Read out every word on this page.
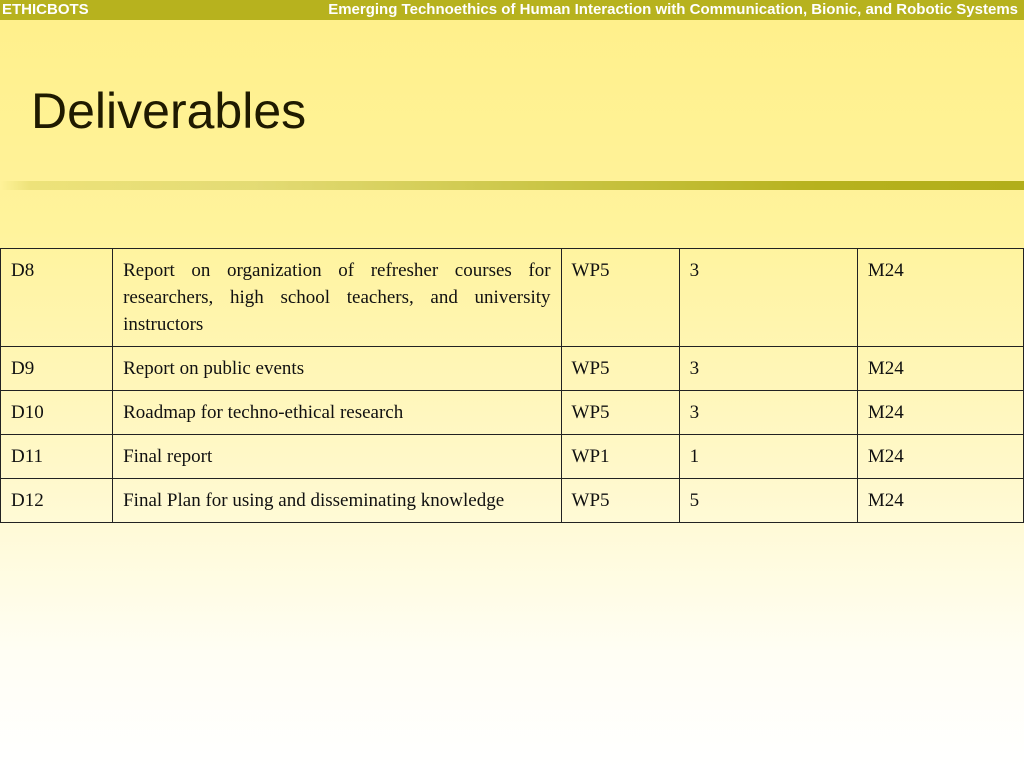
ETHICBOTS	Emerging Technoethics of Human Interaction with Communication, Bionic, and Robotic Systems
Deliverables
D8	Report on organization of refresher courses for researchers, high school teachers, and university instructors	WP5	3	M24
D9	Report on public events	WP5	3	M24
D10	Roadmap for techno-ethical research	WP5	3	M24
D11	Final report	WP1	1	M24
D12	Final Plan for using and disseminating knowledge	WP5	5	M24
